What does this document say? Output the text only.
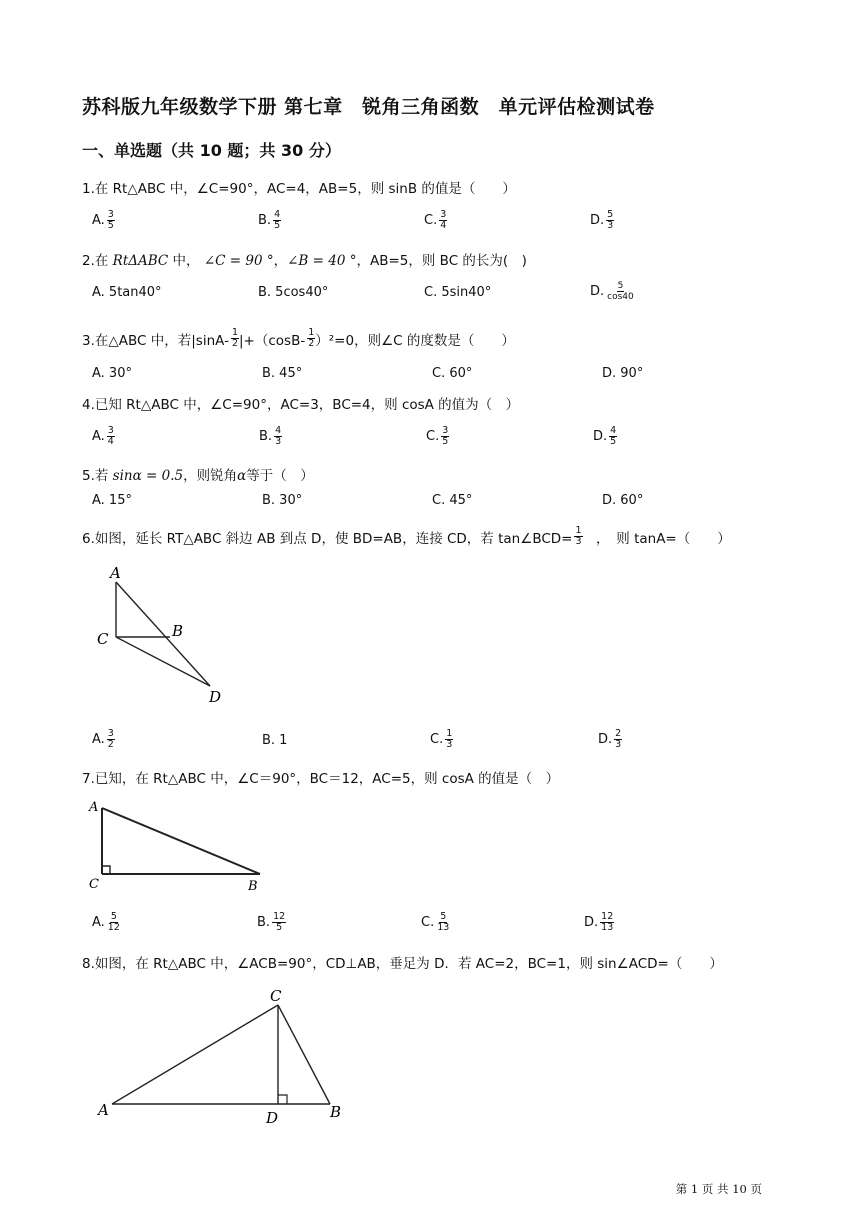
苏科版九年级数学下册 第七章　锐角三角函数　单元评估检测试卷
一、单选题（共 10 题；共 30 分）
1.在 Rt△ABC 中，∠C=90°，AC=4，AB=5，则 sinB 的值是（　　）
A. $\frac{3}{5}$	B. $\frac{4}{5}$	C. $\frac{3}{4}$	D. $\frac{5}{3}$
2.在 RtΔABC 中， ∠C = 90 °，∠B = 40 °，AB=5，则 BC 的长为(　)
A. 5tan40°	B. 5cos40°	C. 5sin40°	D. $\frac{5}{\cos 40}$
3.在△ABC 中，若$|\sin A- \frac{1}{2} |+(\cos B- \frac{1}{2} )^2=0$，则∠C 的度数是（　　）
A. 30°	B. 45°	C. 60°	D. 90°
4.已知 Rt△ABC 中，∠C=90°，AC=3，BC=4，则 cosA 的值为（　）
A. $\frac{3}{4}$	B. $\frac{4}{3}$	C. $\frac{3}{5}$	D. $\frac{4}{5}$
5.若 sinα = 0.5，则锐角α等于（　）
A. 15°	B. 30°	C. 45°	D. 60°
6.如图，延长 RT△ABC 斜边 AB 到点 D，使 BD=AB，连接 CD，若 tan∠BCD= $\frac{1}{3}$ 　，　则 tanA=（　　）
A
C	B
D
A. $\frac{3}{2}$	B. 1	C. $\frac{1}{3}$	D. $\frac{2}{3}$
7.已知，在 Rt△ABC 中，∠C＝90°，BC＝12，AC=5，则 cosA 的值是（　）
A
C	B
A. $\frac{5}{12}$	B. $\frac{12}{5}$	C. $\frac{5}{13}$	D. $\frac{12}{13}$
8.如图，在 Rt△ABC 中，∠ACB=90°，CD⊥AB，垂足为 D．若 AC=2，BC=1，则 sin∠ACD=（　　）
C
A	D	B
第 1 页 共 10 页
